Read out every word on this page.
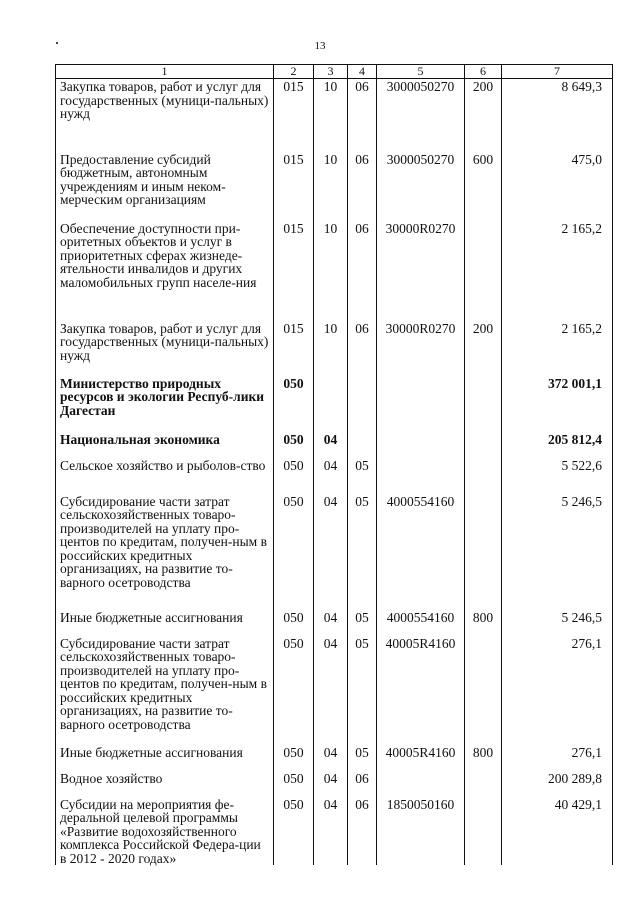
13
1	2	3	4	5	6	7
Закупка товаров, работ и услуг для государственных (муници-пальных) нужд	015	10	06	3000050270	200	8 649,3
Предоставление субсидий бюджетным, автономным учреждениям и иным неком-мерческим организациям	015	10	06	3000050270	600	475,0
Обеспечение доступности при-оритетных объектов и услуг в приоритетных сферах жизнеде-ятельности инвалидов и других маломобильных групп населе-ния	015	10	06	30000R0270		2 165,2
Закупка товаров, работ и услуг для государственных (муници-пальных) нужд	015	10	06	30000R0270	200	2 165,2
Министерство природных ресурсов и экологии Респуб-лики Дагестан	050					372 001,1
Национальная экономика	050	04				205 812,4
Сельское хозяйство и рыболов-ство	050	04	05			5 522,6
Субсидирование части затрат сельскохозяйственных товаро-производителей на уплату про-центов по кредитам, получен-ным в российских кредитных организациях, на развитие то-варного осетроводства	050	04	05	4000554160		5 246,5
Иные бюджетные ассигнования	050	04	05	4000554160	800	5 246,5
Субсидирование части затрат сельскохозяйственных товаро-производителей на уплату про-центов по кредитам, получен-ным в российских кредитных организациях, на развитие то-варного осетроводства	050	04	05	40005R4160		276,1
Иные бюджетные ассигнования	050	04	05	40005R4160	800	276,1
Водное хозяйство	050	04	06			200 289,8
Субсидии на мероприятия фе-деральной целевой программы «Развитие водохозяйственного комплекса Российской Федера-ции в 2012 - 2020 годах»	050	04	06	1850050160		40 429,1
